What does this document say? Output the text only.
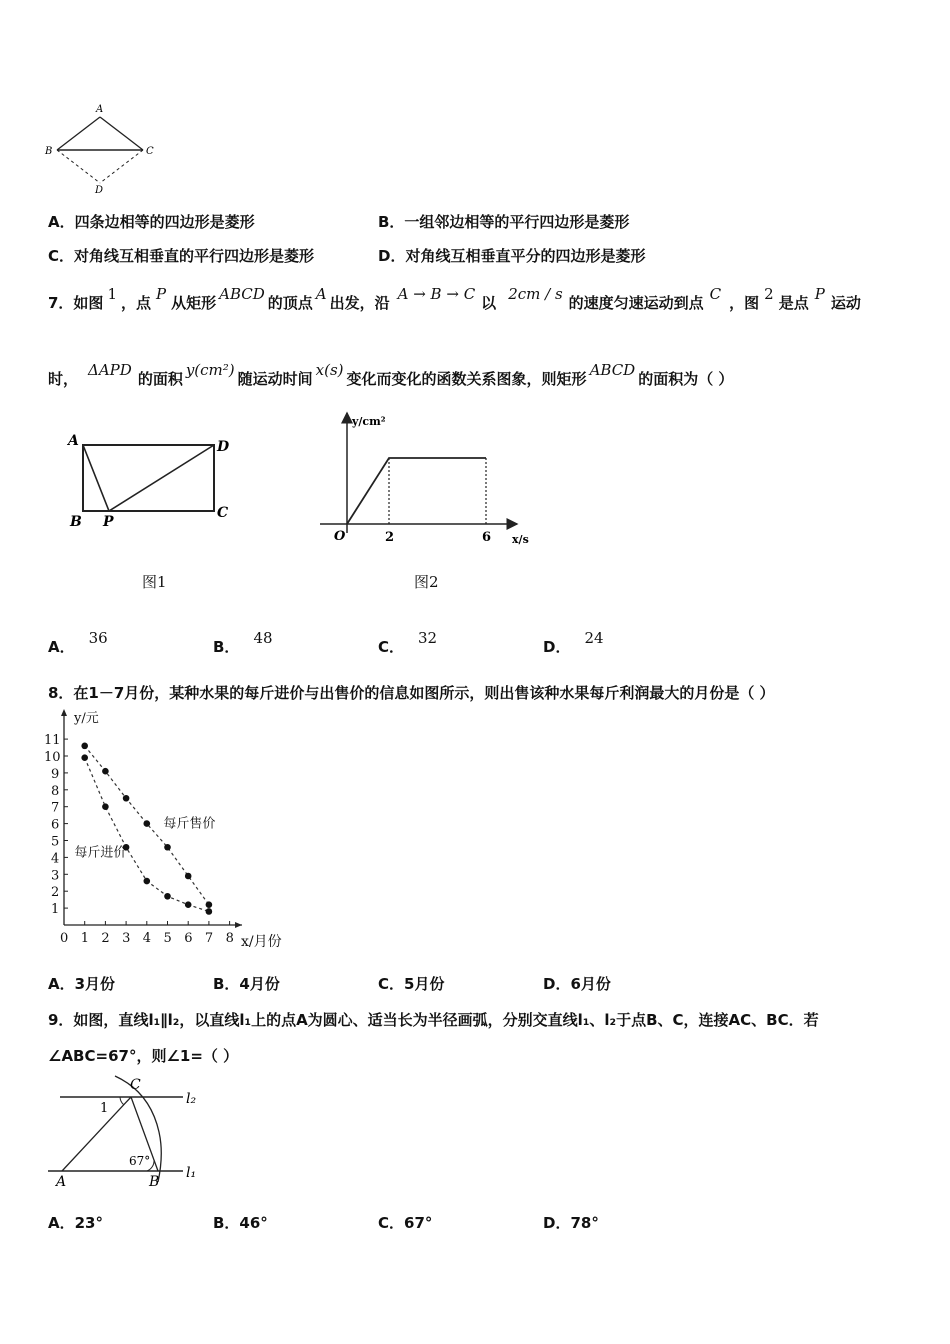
A
B	C
D
A．四条边相等的四边形是菱形	B．一组邻边相等的平行四边形是菱形
C．对角线互相垂直的平行四边形是菱形	D．对角线互相垂直平分的四边形是菱形
7．如图 1 ，点 P 从矩形 ABCD 的顶点 A 出发，沿 A → B → C 以 2cm / s 的速度匀速运动到点 C ，图 2 是点 P 运动
时， ΔAPD 的面积 y(cm²) 随运动时间 x(s) 变化而变化的函数关系图象，则矩形 ABCD 的面积为（ ）
A	D
B P
C
图1
y/cm²
O	2	6 x/s
图2
A． 36	B． 48	C． 32	D． 24
8．在1－7月份，某种水果的每斤进价与出售价的信息如图所示，则出售该种水果每斤利润最大的月份是（ ）
0 1 2 3 4 5 6 7 8
1
2
3
4
5
6
7
8
9
10
11
x/月份
y/元
每斤售价
每斤进价
A．3月份	B．4月份	C．5月份	D．6月份
9．如图，直线l₁∥l₂，以直线l₁上的点A为圆心、适当长为半径画弧，分别交直线l₁、l₂于点B、C，连接AC、BC．若
∠ABC=67°，则∠1=（ ）
C
l₂
1
67°
A	B
l₁
A．23°	B．46°	C．67°	D．78°
